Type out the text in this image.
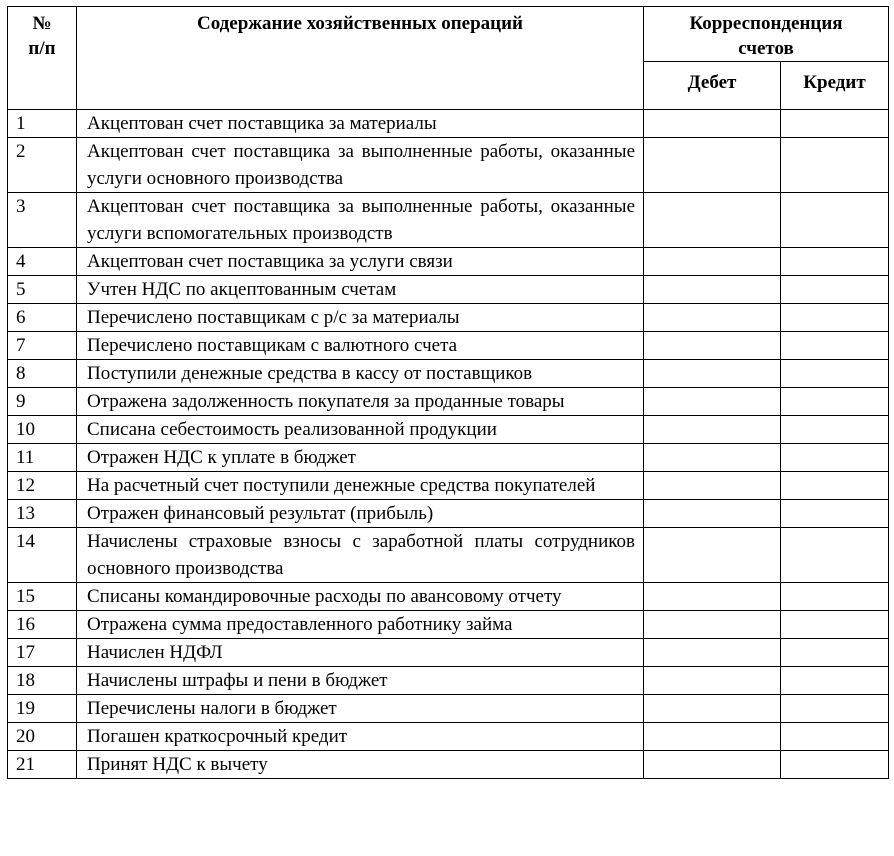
№ п/п	Содержание хозяйственных операций	Корреспонденция счетов	

		Дебет	Кредит
1	Акцептован счет поставщика за материалы		
2	Акцептован счет поставщика за выполненные работы, оказанные услуги основного производства		
3	Акцептован счет поставщика за выполненные работы, оказанные услуги вспомогательных производств		
4	Акцептован счет поставщика за услуги связи		
5	Учтен НДС по акцептованным счетам		
6	Перечислено поставщикам с р/с за материалы		
7	Перечислено поставщикам с валютного счета		
8	Поступили денежные средства в кассу от поставщиков		
9	Отражена задолженность покупателя за проданные товары		
10	Списана себестоимость реализованной продукции		
11	Отражен НДС к уплате в бюджет		
12	На расчетный счет поступили денежные средства покупателей		
13	Отражен финансовый результат (прибыль)		
14	Начислены страховые взносы с заработной платы сотрудников основного производства		
15	Списаны командировочные расходы по авансовому отчету		
16	Отражена сумма предоставленного работнику займа		
17	Начислен НДФЛ		
18	Начислены штрафы и пени в бюджет		
19	Перечислены налоги в бюджет		
20	Погашен краткосрочный кредит		
21	Принят НДС к вычету		
